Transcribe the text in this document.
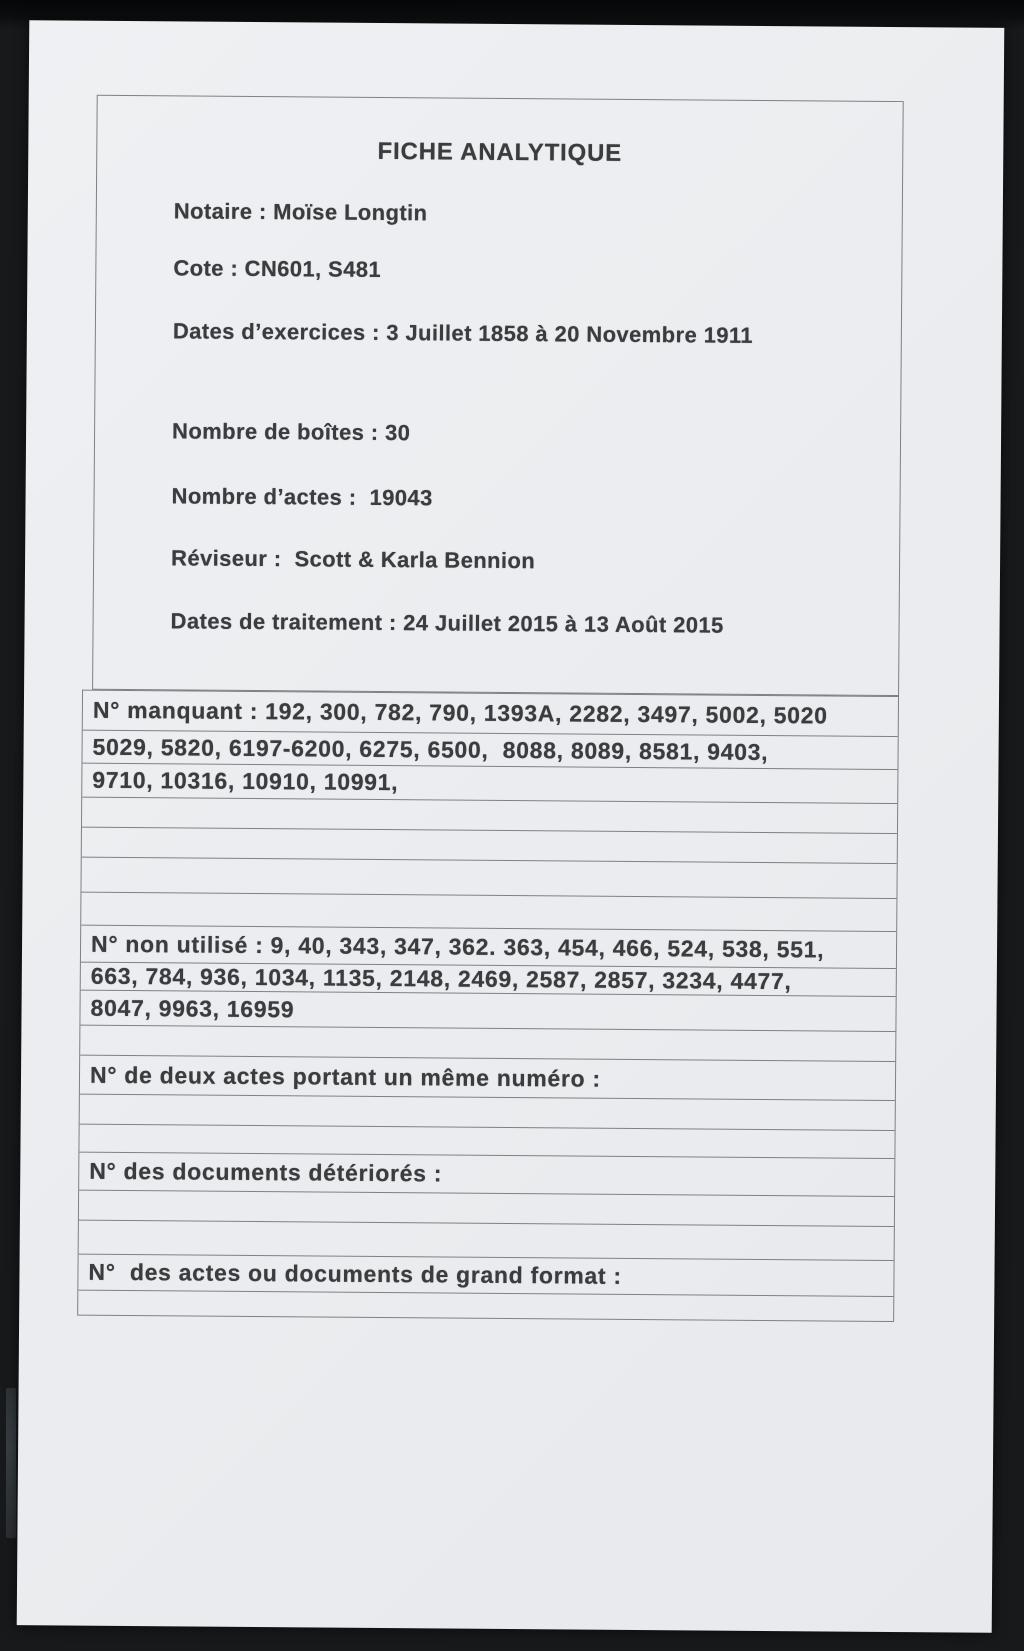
FICHE ANALYTIQUE
Notaire : Moïse Longtin
Cote : CN601, S481
Dates d’exercices : 3 Juillet 1858 à 20 Novembre 1911
Nombre de boîtes : 30
Nombre d’actes :  19043
Réviseur :  Scott & Karla Bennion
Dates de traitement : 24 Juillet 2015 à 13 Août 2015
N° manquant : 192, 300, 782, 790, 1393A, 2282, 3497, 5002, 5020
5029, 5820, 6197-6200, 6275, 6500,  8088, 8089, 8581, 9403,
9710, 10316, 10910, 10991,
N° non utilisé : 9, 40, 343, 347, 362. 363, 454, 466, 524, 538, 551,
663, 784, 936, 1034, 1135, 2148, 2469, 2587, 2857, 3234, 4477,
8047, 9963, 16959
N° de deux actes portant un même numéro :
N° des documents détériorés :
N°  des actes ou documents de grand format :
